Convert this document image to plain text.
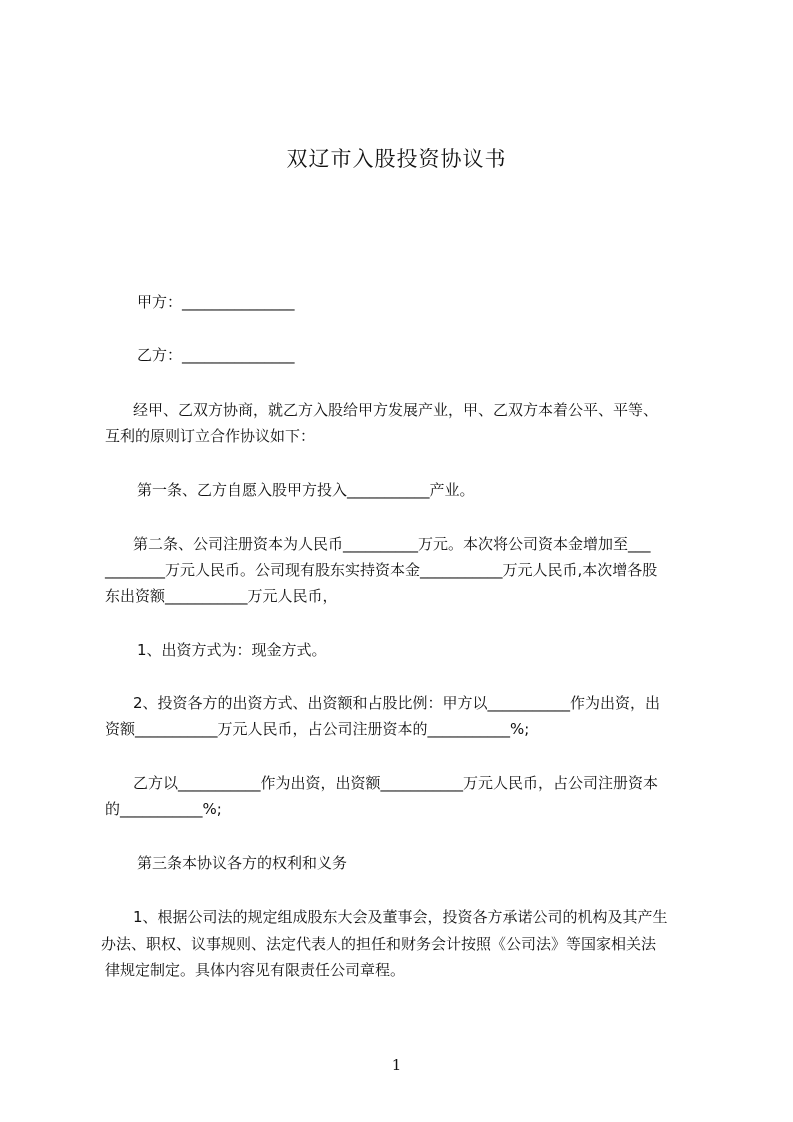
双辽市入股投资协议书
甲方：_______________
乙方：_______________
经甲、乙双方协商，就乙方入股给甲方发展产业，甲、乙双方本着公平、平等、
互利的原则订立合作协议如下：
第一条、乙方自愿入股甲方投入___________产业。
第二条、公司注册资本为人民币__________万元。本次将公司资本金增加至___
________万元人民币。公司现有股东实持资本金___________万元人民币,本次增各股
东出资额___________万元人民币，
1、出资方式为：现金方式。
2、投资各方的出资方式、出资额和占股比例：甲方以___________作为出资，出
资额___________万元人民币，占公司注册资本的___________%;
乙方以___________作为出资，出资额___________万元人民币，占公司注册资本
的___________%;
第三条本协议各方的权利和义务
1、根据公司法的规定组成股东大会及董事会，投资各方承诺公司的机构及其产生
办法、职权、议事规则、法定代表人的担任和财务会计按照《公司法》等国家相关法
律规定制定。具体内容见有限责任公司章程。
1
